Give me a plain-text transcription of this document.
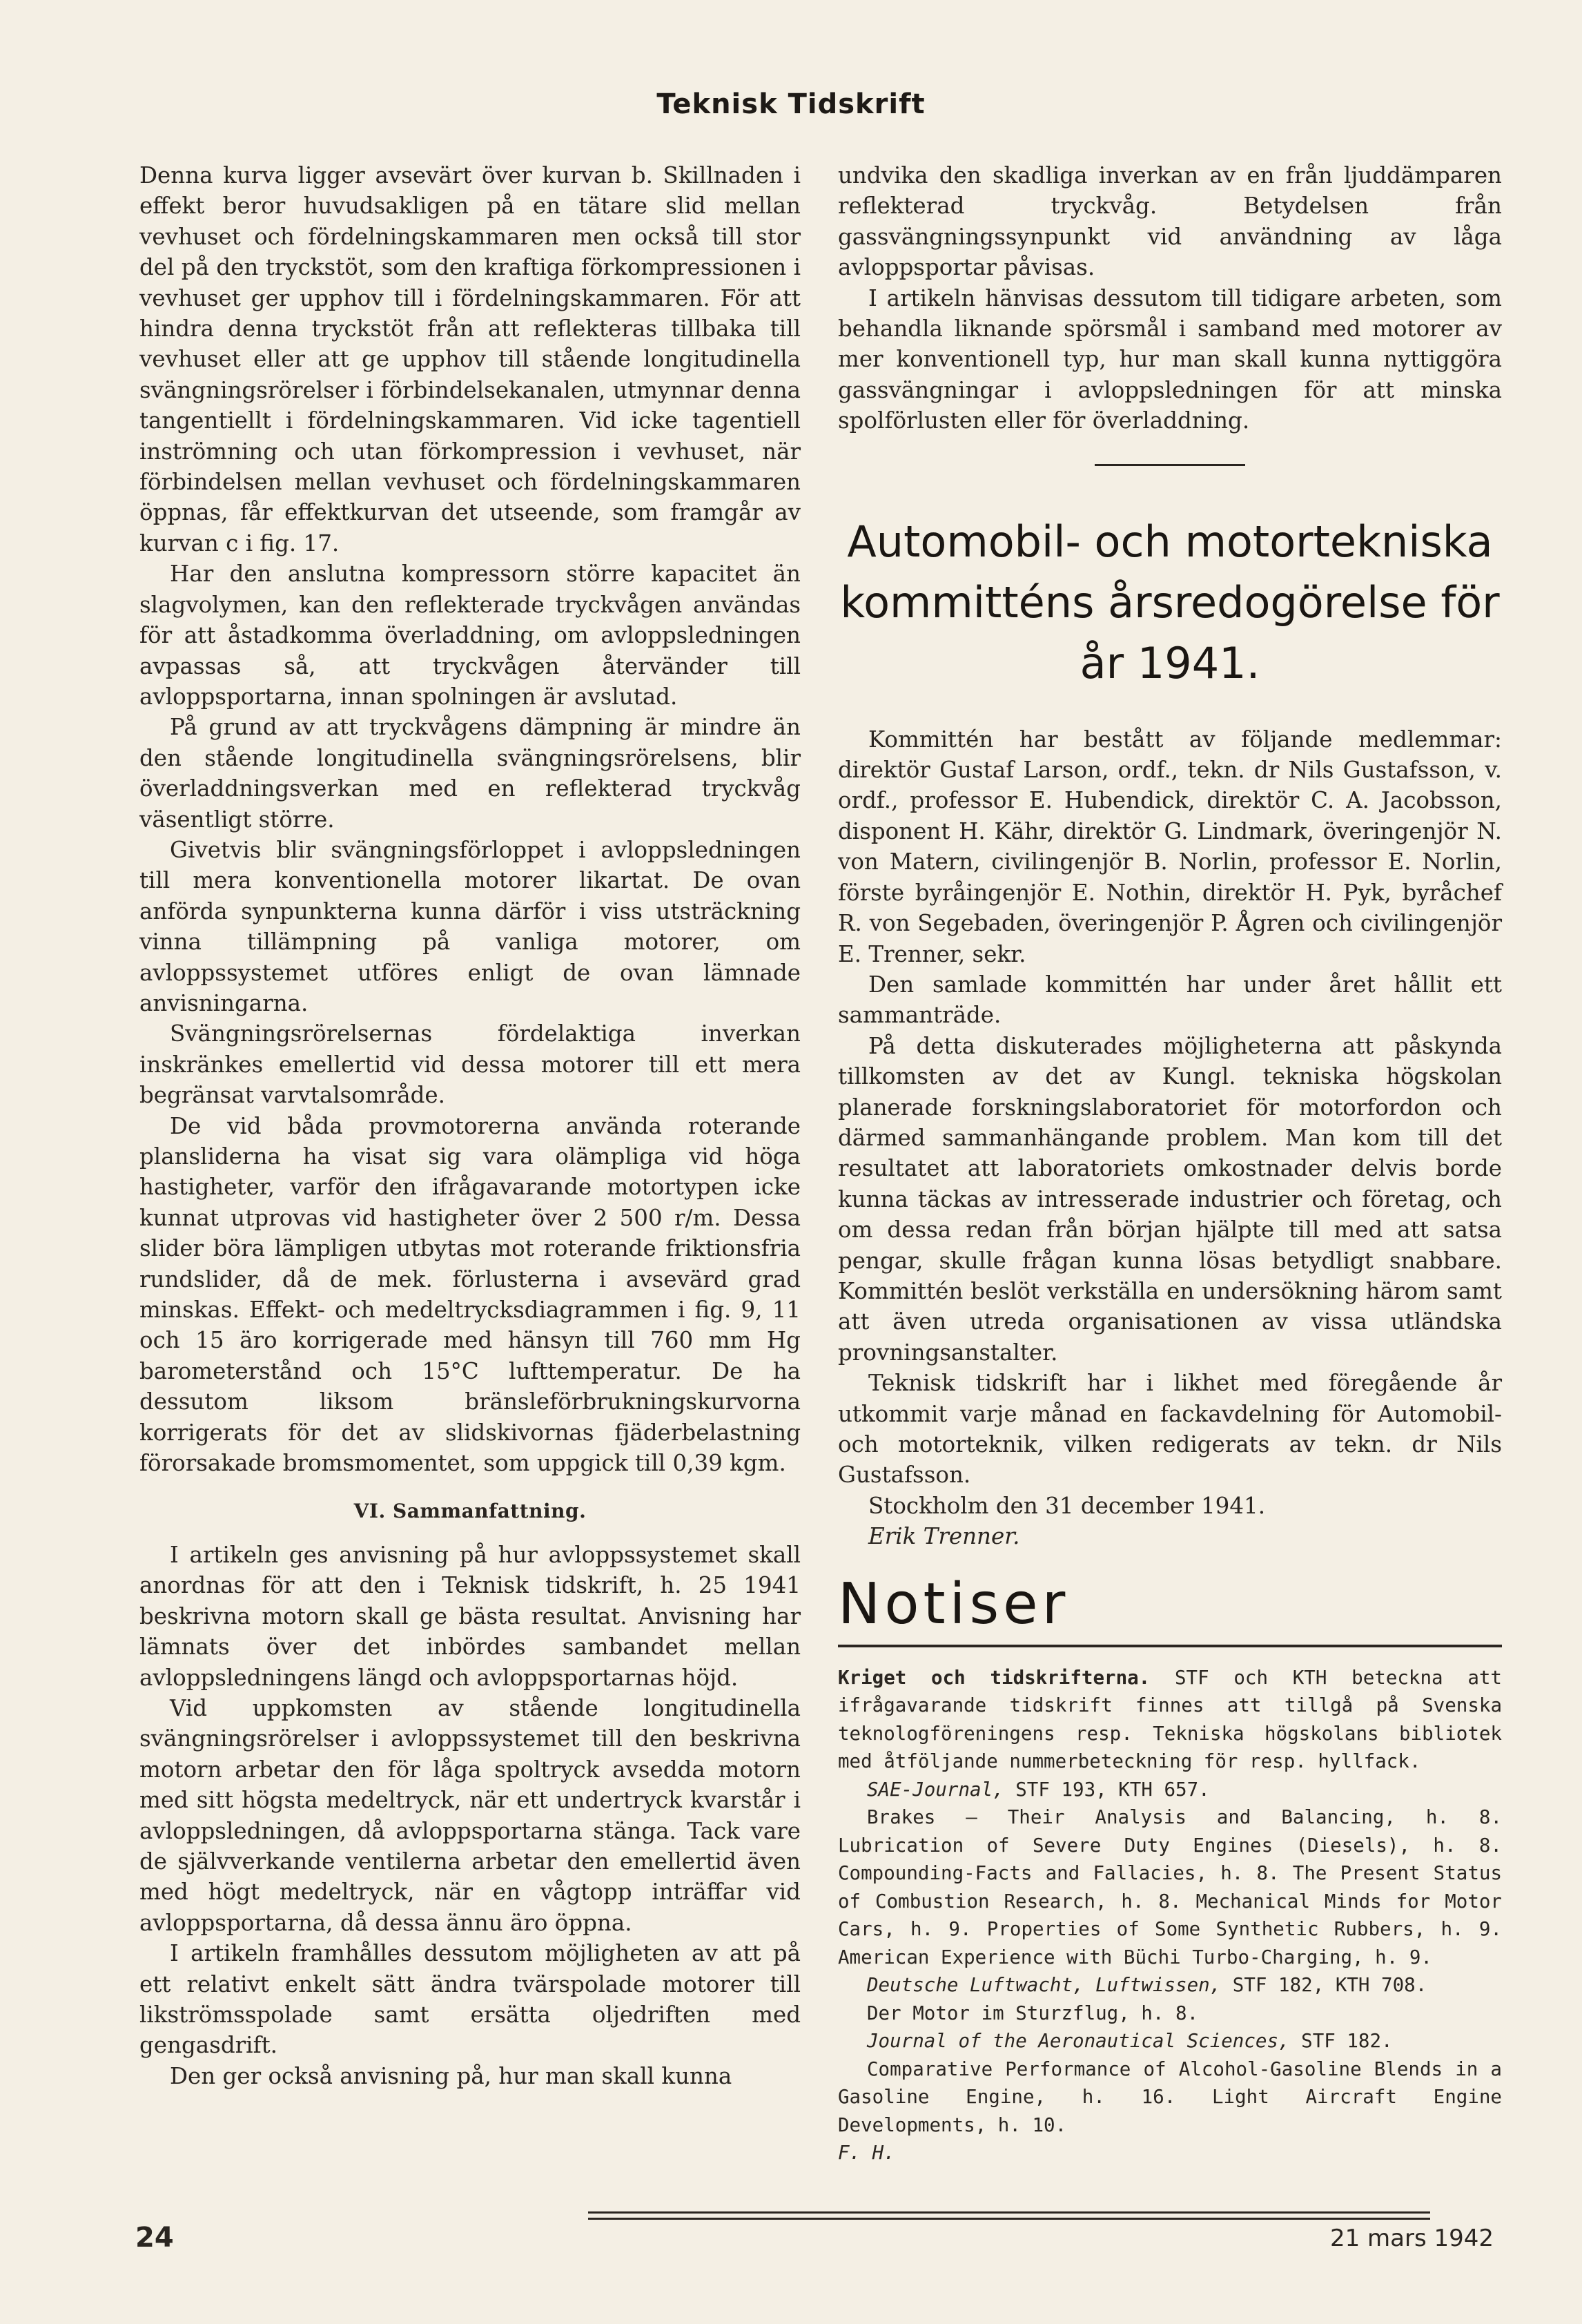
Teknisk Tidskrift

Denna kurva ligger avsevärt över kurvan b. Skillnaden i effekt beror huvudsakligen på en tätare slid mellan vevhuset och fördelningskammaren men också till stor del på den tryckstöt, som den kraftiga förkompressionen i vevhuset ger upphov till i fördelningskammaren. För att hindra denna tryckstöt från att reflekteras tillbaka till vevhuset eller att ge upphov till stående longitudinella svängningsrörelser i förbindelsekanalen, utmynnar denna tangentiellt i fördelningskammaren. Vid icke tagentiell inströmning och utan förkompression i vevhuset, när förbindelsen mellan vevhuset och fördelningskammaren öppnas, får effektkurvan det utseende, som framgår av kurvan c i fig. 17.

Har den anslutna kompressorn större kapacitet än slagvolymen, kan den reflekterade tryckvågen användas för att åstadkomma överladdning, om avloppsledningen avpassas så, att tryckvågen återvänder till avloppsportarna, innan spolningen är avslutad.

På grund av att tryckvågens dämpning är mindre än den stående longitudinella svängningsrörelsens, blir överladdningsverkan med en reflekterad tryckvåg väsentligt större.

Givetvis blir svängningsförloppet i avloppsledningen till mera konventionella motorer likartat. De ovan anförda synpunkterna kunna därför i viss utsträckning vinna tillämpning på vanliga motorer, om avloppssystemet utföres enligt de ovan lämnade anvisningarna.

Svängningsrörelsernas fördelaktiga inverkan inskränkes emellertid vid dessa motorer till ett mera begränsat varvtalsområde.

De vid båda provmotorerna använda roterande plansliderna ha visat sig vara olämpliga vid höga hastigheter, varför den ifrågavarande motortypen icke kunnat utprovas vid hastigheter över 2 500 r/m. Dessa slider böra lämpligen utbytas mot roterande friktionsfria rundslider, då de mek. förlusterna i avsevärd grad minskas. Effekt- och medeltrycksdiagrammen i fig. 9, 11 och 15 äro korrigerade med hänsyn till 760 mm Hg barometerstånd och 15°C lufttemperatur. De ha dessutom liksom bränsleförbrukningskurvorna korrigerats för det av slidskivornas fjäderbelastning förorsakade bromsmomentet, som uppgick till 0,39 kgm.

VI. Sammanfattning.

I artikeln ges anvisning på hur avloppssystemet skall anordnas för att den i Teknisk tidskrift, h. 25 1941 beskrivna motorn skall ge bästa resultat. Anvisning har lämnats över det inbördes sambandet mellan avloppsledningens längd och avloppsportarnas höjd.

Vid uppkomsten av stående longitudinella svängningsrörelser i avloppssystemet till den beskrivna motorn arbetar den för låga spoltryck avsedda motorn med sitt högsta medeltryck, när ett undertryck kvarstår i avloppsledningen, då avloppsportarna stänga. Tack vare de självverkande ventilerna arbetar den emellertid även med högt medeltryck, när en vågtopp inträffar vid avloppsportarna, då dessa ännu äro öppna.

I artikeln framhålles dessutom möjligheten av att på ett relativt enkelt sätt ändra tvärspolade motorer till likströmsspolade samt ersätta oljedriften med gengasdrift.

Den ger också anvisning på, hur man skall kunna

undvika den skadliga inverkan av en från ljuddämparen reflekterad tryckvåg. Betydelsen från gassvängningssynpunkt vid användning av låga avloppsportar påvisas.

I artikeln hänvisas dessutom till tidigare arbeten, som behandla liknande spörsmål i samband med motorer av mer konventionell typ, hur man skall kunna nyttiggöra gassvängningar i avloppsledningen för att minska spolförlusten eller för överladdning.

Automobil- och motortekniska kommitténs årsredogörelse för år 1941.

Kommittén har bestått av följande medlemmar: direktör Gustaf Larson, ordf., tekn. dr Nils Gustafsson, v. ordf., professor E. Hubendick, direktör C. A. Jacobsson, disponent H. Kähr, direktör G. Lindmark, överingenjör N. von Matern, civilingenjör B. Norlin, professor E. Norlin, förste byråingenjör E. Nothin, direktör H. Pyk, byråchef R. von Segebaden, överingenjör P. Ågren och civilingenjör E. Trenner, sekr.

Den samlade kommittén har under året hållit ett sammanträde.

På detta diskuterades möjligheterna att påskynda tillkomsten av det av Kungl. tekniska högskolan planerade forskningslaboratoriet för motorfordon och därmed sammanhängande problem. Man kom till det resultatet att laboratoriets omkostnader delvis borde kunna täckas av intresserade industrier och företag, och om dessa redan från början hjälpte till med att satsa pengar, skulle frågan kunna lösas betydligt snabbare. Kommittén beslöt verkställa en undersökning härom samt att även utreda organisationen av vissa utländska provningsanstalter.

Teknisk tidskrift har i likhet med föregående år utkommit varje månad en fackavdelning för Automobil- och motorteknik, vilken redigerats av tekn. dr Nils Gustafsson.

Stockholm den 31 december 1941.

Erik Trenner.

Notiser

Kriget och tidskrifterna. STF och KTH beteckna att ifrågavarande tidskrift finnes att tillgå på Svenska teknologföreningens resp. Tekniska högskolans bibliotek med åtföljande nummerbeteckning för resp. hyllfack.

SAE-Journal, STF 193, KTH 657.

Brakes — Their Analysis and Balancing, h. 8. Lubrication of Severe Duty Engines (Diesels), h. 8. Compounding-Facts and Fallacies, h. 8. The Present Status of Combustion Research, h. 8. Mechanical Minds for Motor Cars, h. 9. Properties of Some Synthetic Rubbers, h. 9. American Experience with Büchi Turbo-Charging, h. 9.

Deutsche Luftwacht, Luftwissen, STF 182, KTH 708.

Der Motor im Sturzflug, h. 8.

Journal of the Aeronautical Sciences, STF 182.

Comparative Performance of Alcohol-Gasoline Blends in a Gasoline Engine, h. 16. Light Aircraft Engine Developments, h. 10.

F. H.

24	21 mars 1942
